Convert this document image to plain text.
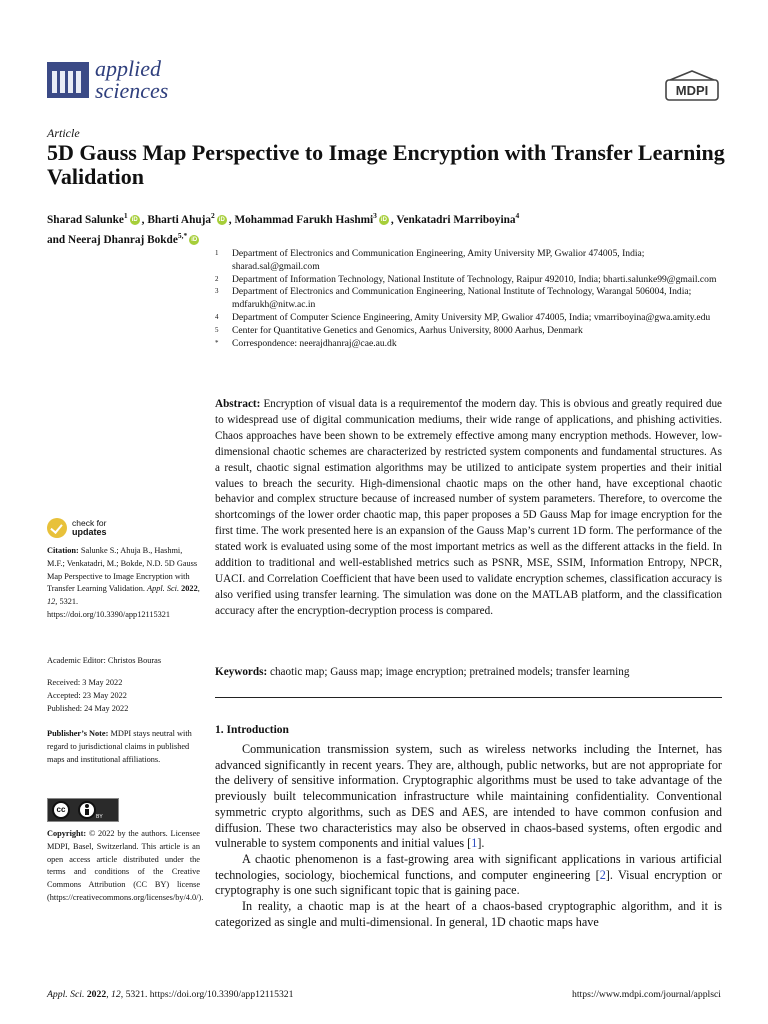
applied
sciences	MDPI
Article
5D Gauss Map Perspective to Image Encryption with Transfer Learning Validation
Sharad Salunke$^1$iD , Bharti Ahuja$^2$iD , Mohammad Farukh Hashmi$^3$iD , Venkatadri Marriboyina$^4$
and Neeraj Dhanraj Bokde$^{5,*}$iD
1	Department of Electronics and Communication Engineering, Amity University MP, Gwalior 474005, India; sharad.sal@gmail.com
2	Department of Information Technology, National Institute of Technology, Raipur 492010, India; bharti.salunke99@gmail.com
3	Department of Electronics and Communication Engineering, National Institute of Technology, Warangal 506004, India; mdfarukh@nitw.ac.in
4	Department of Computer Science Engineering, Amity University MP, Gwalior 474005, India; vmarriboyina@gwa.amity.edu
5	Center for Quantitative Genetics and Genomics, Aarhus University, 8000 Aarhus, Denmark
*	Correspondence: neerajdhanraj@cae.au.dk
Abstract: Encryption of visual data is a requirementof the modern day. This is obvious and greatly required due to widespread use of digital communication mediums, their wide range of applications, and phishing activities. Chaos approaches have been shown to be extremely effective among many encryption methods. However, low-dimensional chaotic schemes are characterized by restricted system components and fundamental structures. As a result, chaotic signal estimation algorithms may be utilized to anticipate system properties and their initial values to breach the security. High-dimensional chaotic maps on the other hand, have exceptional chaotic behavior and complex structure because of increased number of system parameters. Therefore, to overcome the shortcomings of the lower order chaotic map, this paper proposes a 5D Gauss Map for image encryption for the first time. The work presented here is an expansion of the Gauss Map’s current 1D form. The performance of the stated work is evaluated using some of the most important metrics as well as the different attacks in the field. In addition to traditional and well-established metrics such as PSNR, MSE, SSIM, Information Entropy, NPCR, UACI. and Correlation Coefficient that have been used to validate encryption schemes, classification accuracy is also verified using transfer learning. The simulation was done on the MATLAB platform, and the classification accuracy after the encryption-decryption process is compared.
Keywords: chaotic map; Gauss map; image encryption; pretrained models; transfer learning
1. Introduction

Communication transmission system, such as wireless networks including the Internet, has advanced significantly in recent years. They are, although, public networks, but are not appropriate for the delivery of sensitive information. Cryptographic algorithms must be used to take advantage of the previously built telecommunication infrastructure while maintaining confidentiality. Conventional symmetric crypto algorithms, such as DES and AES, are intended to have common confusion and diffusion. These two characteristics may also be observed in chaos-based systems, often ergodic and vulnerable to system components and initial values [1].

A chaotic phenomenon is a fast-growing area with significant applications in various artificial technologies, sociology, biochemical functions, and computer engineering [2]. Visual encryption or cryptography is one such significant topic that is gaining pace.

In reality, a chaotic map is at the heart of a chaos-based cryptographic algorithm, and it is categorized as single and multi-dimensional. In general, 1D chaotic maps have

check for
updates
Citation: Salunke S.; Ahuja B., Hashmi, M.F.; Venkatadri, M.; Bokde, N.D. 5D Gauss Map Perspective to Image Encryption with Transfer Learning Validation. Appl. Sci. 2022, 12, 5321. https://doi.org/10.3390/app12115321
Academic Editor: Christos Bouras
Received: 3 May 2022
Accepted: 23 May 2022
Published: 24 May 2022
Publisher’s Note: MDPI stays neutral with regard to jurisdictional claims in published maps and institutional affiliations.
cc
BY
Copyright: © 2022 by the authors. Licensee MDPI, Basel, Switzerland. This article is an open access article distributed under the terms and conditions of the Creative Commons Attribution (CC BY) license (https://creativecommons.org/licenses/by/4.0/).
Appl. Sci. 2022, 12, 5321. https://doi.org/10.3390/app12115321	https://www.mdpi.com/journal/applsci
